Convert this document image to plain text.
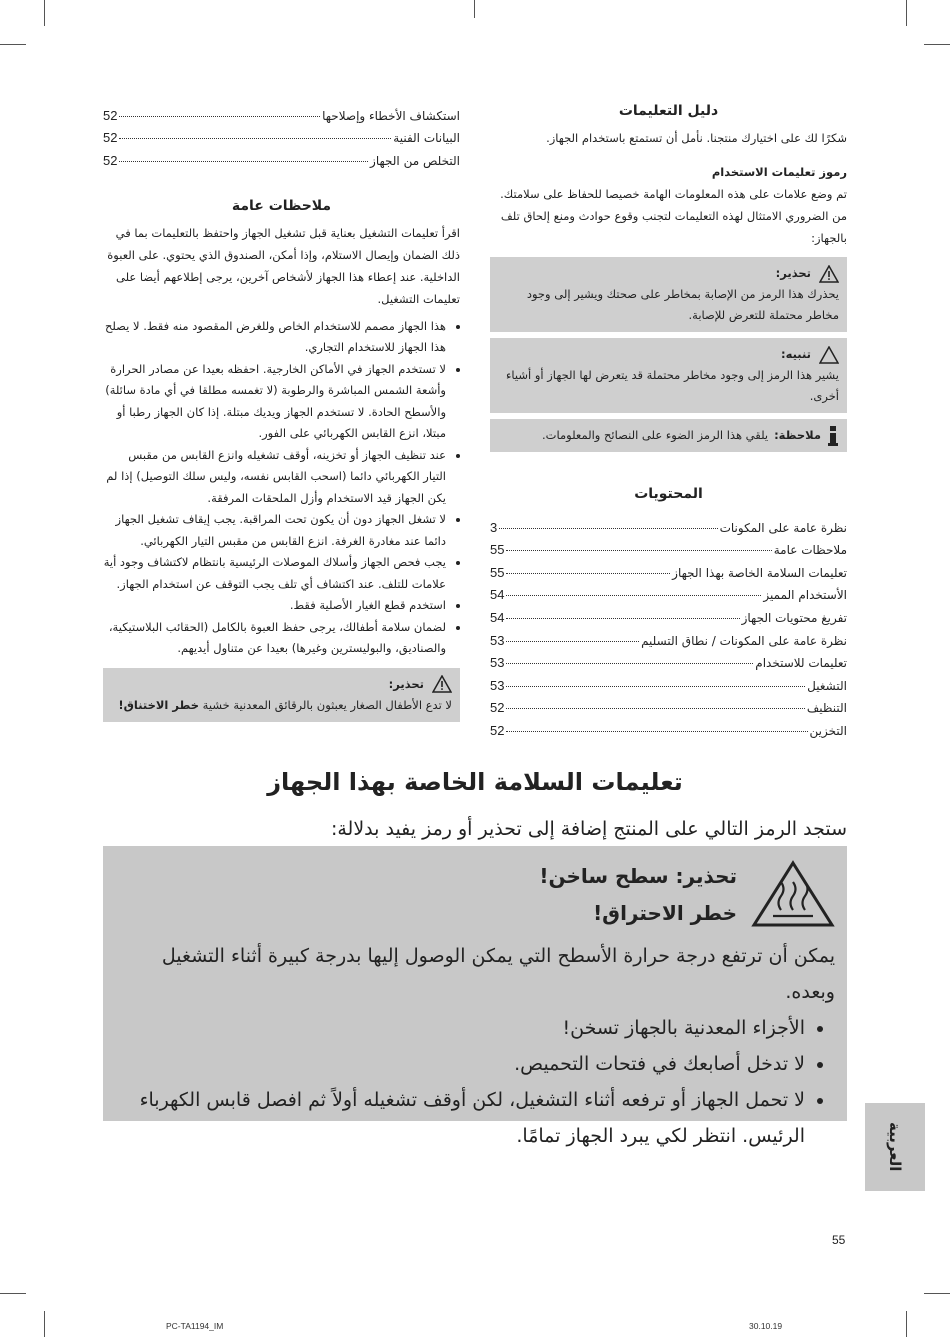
دليل التعليمات

شكرًا لك على اختيارك منتجنا. نأمل أن تستمتع باستخدام الجهاز.

رموز تعليمات الاستخدام

تم وضع علامات على هذه المعلومات الهامة خصيصا للحفاظ على سلامتك. من الضروري الامتثال لهذه التعليمات لتجنب وقوع حوادث ومنع إلحاق تلف بالجهاز:

تحذير:
يحذرك هذا الرمز من الإصابة بمخاطر على صحتك ويشير إلى وجود مخاطر محتملة للتعرض للإصابة.
تنبيه:
يشير هذا الرمز إلى وجود مخاطر محتملة قد يتعرض لها الجهاز أو أشياء أخرى.
ملاحظة:
يلقي هذا الرمز الضوء على النصائح والمعلومات.
المحتويات
نظرة عامة على المكونات
3
ملاحظات عامة
55
تعليمات السلامة الخاصة بهذا الجهاز
55
الأستخدام المميز
54
تفريغ محتويات الجهاز
54
نظرة عامة على المكونات / نطاق التسليم
53
تعليمات للاستخدام
53
التشغيل
53
التنظيف
52
التخزين
52
استكشاف الأخطاء وإصلاحها
52
البيانات الفنية
52
التخلص من الجهاز
52
ملاحظات عامة

اقرأ تعليمات التشغيل بعناية قبل تشغيل الجهاز واحتفظ بالتعليمات بما في ذلك الضمان وإيصال الاستلام، وإذا أمكن، الصندوق الذي يحتوي. على العبوة الداخلية. عند إعطاء هذا الجهاز لأشخاص آخرين، يرجى إطلاعهم أيضا على تعليمات التشغيل.

• هذا الجهاز مصمم للاستخدام الخاص وللغرض المقصود منه فقط. لا يصلح هذا الجهاز للاستخدام التجاري.
• لا تستخدم الجهاز في الأماكن الخارجية. احفظه بعيدا عن مصادر الحرارة وأشعة الشمس المباشرة والرطوبة (لا تغمسه مطلقا في أي مادة سائلة) والأسطح الحادة. لا تستخدم الجهاز ويديك مبتلة. إذا كان الجهاز رطبا أو مبتلا، انزع القابس الكهربائي على الفور.
• عند تنظيف الجهاز أو تخزينه، أوقف تشغيله وانزع القابس من مقبس التيار الكهربائي دائما (اسحب القابس نفسه، وليس سلك التوصيل) إذا لم يكن الجهاز قيد الاستخدام وأزل الملحقات المرفقة.
• لا تشغل الجهاز دون أن يكون تحت المراقبة. يجب إيقاف تشغيل الجهاز دائما عند مغادرة الغرفة. انزع القابس من مقبس التيار الكهربائي.
• يجب فحص الجهاز وأسلاك الموصلات الرئيسية بانتظام لاكتشاف وجود أية علامات للتلف. عند اكتشاف أي تلف يجب التوقف عن استخدام الجهاز.
• استخدم قطع الغيار الأصلية فقط.
• لضمان سلامة أطفالك، يرجى حفظ العبوة بالكامل (الحقائب البلاستيكية، والصناديق، والبوليسترين وغيرها) بعيدا عن متناول أيديهم.
تحذير:
لا تدع الأطفال الصغار يعبثون بالرقائق المعدنية خشية خطر الاختناق!
تعليمات السلامة الخاصة بهذا الجهاز
ستجد الرمز التالي على المنتج إضافة إلى تحذير أو رمز يفيد بدلالة:
تحذير: سطح ساخن!
خطر الاحتراق!
يمكن أن ترتفع درجة حرارة الأسطح التي يمكن الوصول إليها بدرجة كبيرة أثناء التشغيل وبعده.
• الأجزاء المعدنية بالجهاز تسخن!
• لا تدخل أصابعك في فتحات التحميص.
• لا تحمل الجهاز أو ترفعه أثناء التشغيل، لكن أوقف تشغيله أولاً ثم افصل قابس الكهرباء الرئيس. انتظر لكي يبرد الجهاز تمامًا.	العربية
55
PC-TA1194_IM	30.10.19
